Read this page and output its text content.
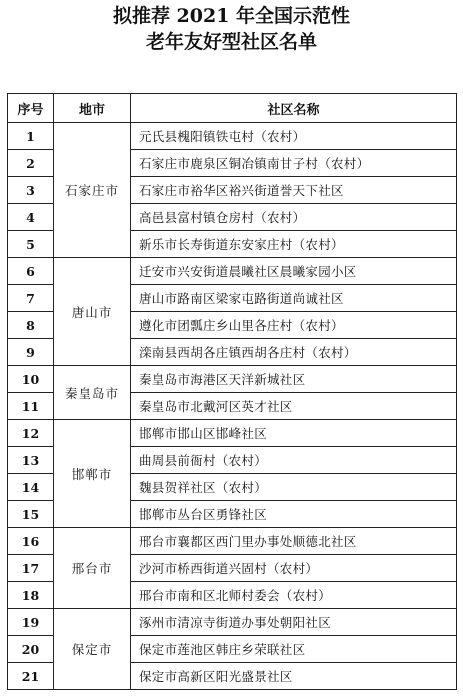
拟推荐 2021 年全国示范性
老年友好型社区名单
序号	地市	社区名称
1	石家庄市	元氏县槐阳镇铁屯村（农村）
2		石家庄市鹿泉区铜冶镇南甘子村（农村）
3		石家庄市裕华区裕兴街道誉天下社区
4		高邑县富村镇仓房村（农村）
5		新乐市长寿街道东安家庄村（农村）
6	唐山市	迁安市兴安街道晨曦社区晨曦家园小区
7		唐山市路南区梁家屯路街道尚诚社区
8		遵化市团瓢庄乡山里各庄村（农村）
9		滦南县西胡各庄镇西胡各庄村（农村）
10	秦皇岛市	秦皇岛市海港区天洋新城社区
11		秦皇岛市北戴河区英才社区
12	邯郸市	邯郸市邯山区邯峰社区
13		曲周县前衙村（农村）
14		魏县贺祥社区（农村）
15		邯郸市丛台区勇锋社区
16	邢台市	邢台市襄都区西门里办事处顺德北社区
17		沙河市桥西街道兴固村（农村）
18		邢台市南和区北师村委会（农村）
19	保定市	涿州市清凉寺街道办事处朝阳社区
20		保定市莲池区韩庄乡荣联社区
21		保定市高新区阳光盛景社区
